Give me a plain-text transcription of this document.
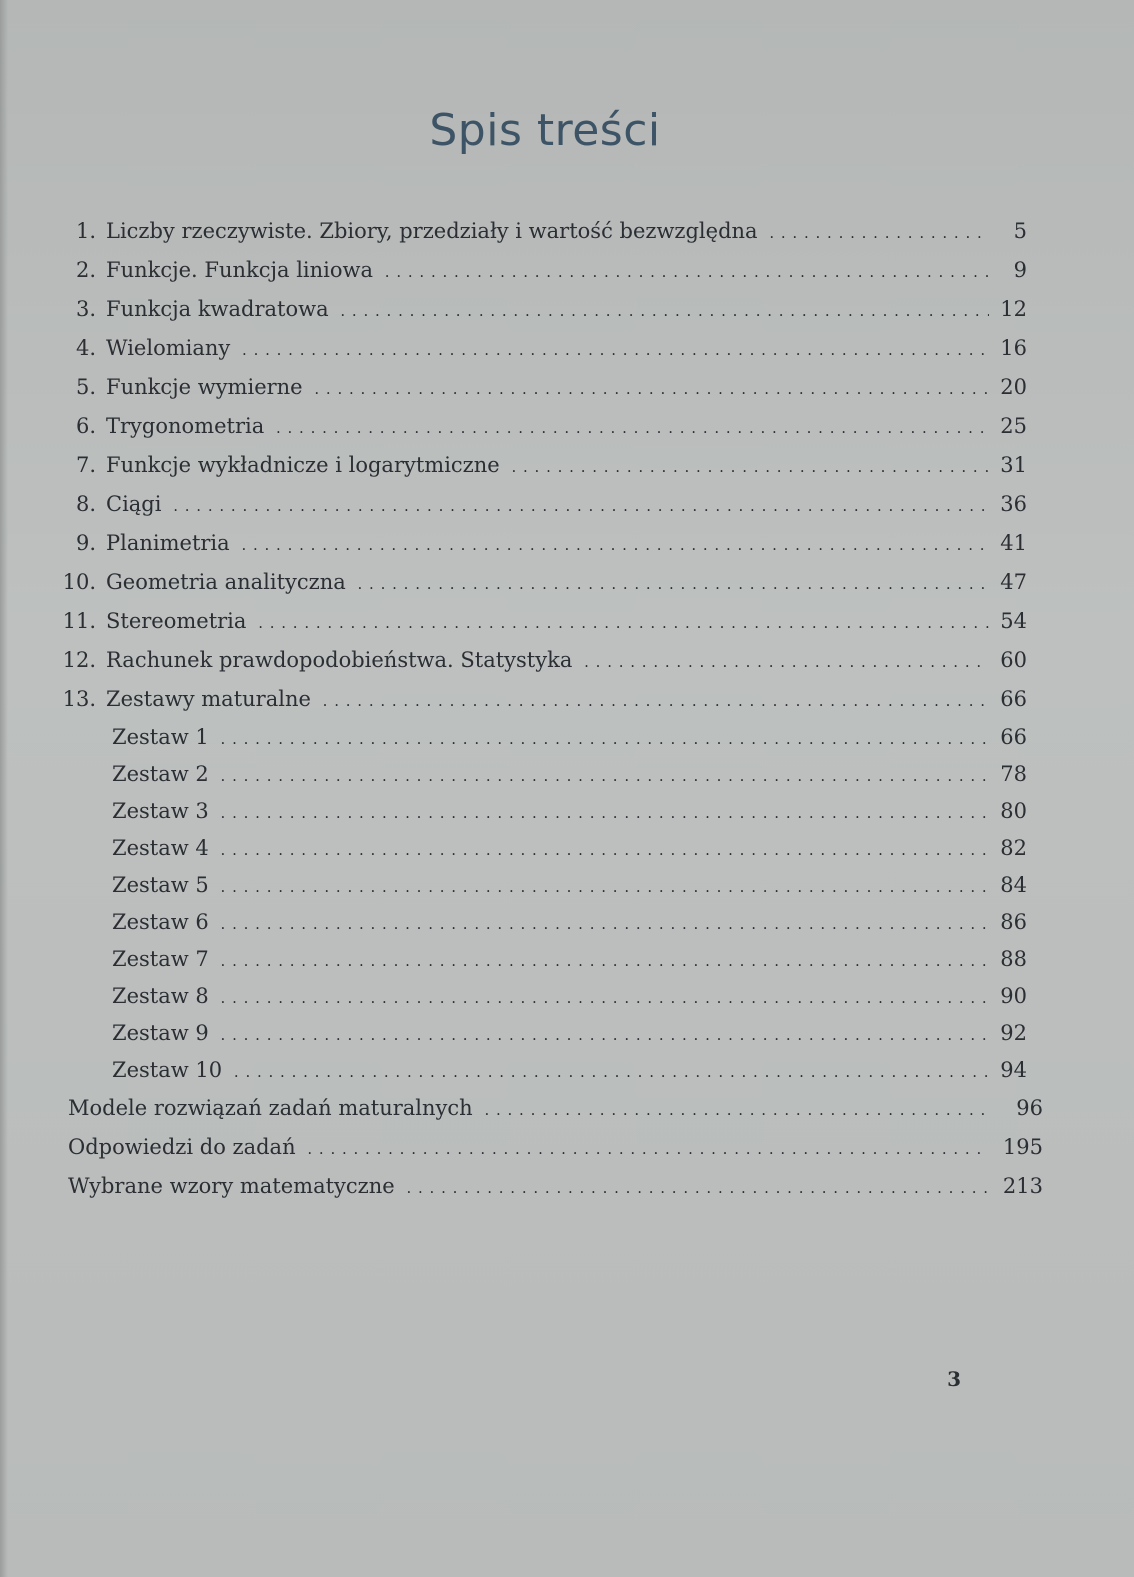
Spis treści
1. Liczby rzeczywiste. Zbiory, przedziały i wartość bezwzględna . . .	5
2. Funkcje. Funkcja liniowa . . .	9
3. Funkcja kwadratowa . . .	12
4. Wielomiany . . .	16
5. Funkcje wymierne . . .	20
6. Trygonometria . . .	25
7. Funkcje wykładnicze i logarytmiczne . . .	31
8. Ciągi . . .	36
9. Planimetria . . .	41
10. Geometria analityczna . . .	47
11. Stereometria . . .	54
12. Rachunek prawdopodobieństwa. Statystyka . . .	60
13. Zestawy maturalne . . .	66
Zestaw 1 . . .	66
Zestaw 2 . . .	78
Zestaw 3 . . .	80
Zestaw 4 . . .	82
Zestaw 5 . . .	84
Zestaw 6 . . .	86
Zestaw 7 . . .	88
Zestaw 8 . . .	90
Zestaw 9 . . .	92
Zestaw 10 . . .	94
Modele rozwiązań zadań maturalnych . . .	96
Odpowiedzi do zadań . . .	195
Wybrane wzory matematyczne . . .	213
3
